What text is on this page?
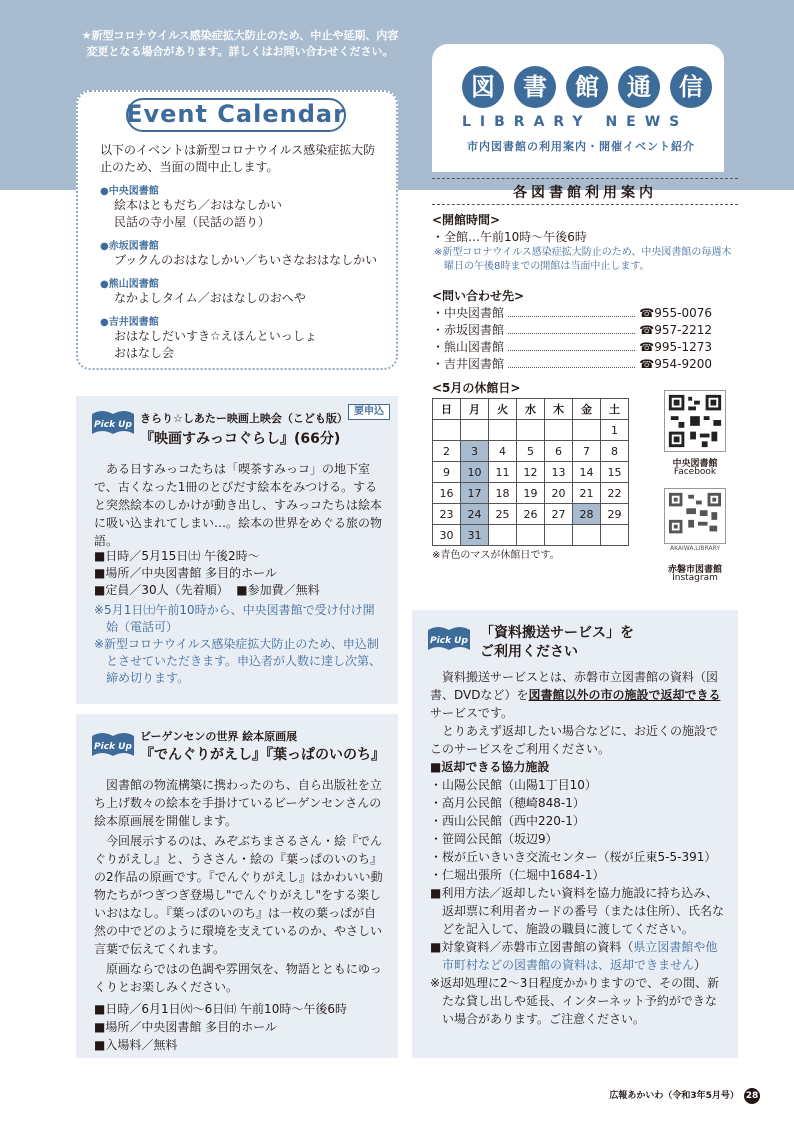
★新型コロナウイルス感染症拡大防止のため、中止や延期、内容変更となる場合があります。詳しくはお問い合わせください。
図	書	館	通	信
LIBRARY NEWS
市内図書館の利用案内・開催イベント紹介
Event Calendar
以下のイベントは新型コロナウイルス感染症拡大防止のため、当面の間中止します。
●中央図書館
絵本はともだち／おはなしかい
民話の寺小屋（民話の語り）
●赤坂図書館
ブックんのおはなしかい／ちいさなおはなしかい
●熊山図書館
なかよしタイム／おはなしのおへや
●吉井図書館
おはなしだいすき☆えほんといっしょ
おはなし会
Pick Up きらり☆しあたー映画上映会（こども版）
要申込
『映画すみっコぐらし』(66分)
ある日すみっコたちは「喫茶すみっコ」の地下室で、古くなった1冊のとびだす絵本をみつける。すると突然絵本のしかけが動き出し、すみっコたちは絵本に吸い込まれてしまい…。絵本の世界をめぐる旅の物語。
■日時／5月15日㈯ 午後2時～
■場所／中央図書館 多目的ホール
■定員／30人（先着順） ■参加費／無料
※5月1日㈯午前10時から、中央図書館で受け付け開始（電話可）
※新型コロナウイルス感染症拡大防止のため、申込制とさせていただきます。申込者が人数に達し次第、締め切ります。
Pick Up
ビーゲンセンの世界 絵本原画展
『でんぐりがえし』『葉っぱのいのち』
図書館の物流構築に携わったのち、自ら出版社を立ち上げ数々の絵本を手掛けているビーゲンセンさんの絵本原画展を開催します。
今回展示するのは、みぞぶちまさるさん・絵『でんぐりがえし』と、うささん・絵の『葉っぱのいのち』の2作品の原画です。『でんぐりがえし』はかわいい動物たちがつぎつぎ登場し"でんぐりがえし"をする楽しいおはなし。『葉っぱのいのち』は一枚の葉っぱが自然の中でどのように環境を支えているのか、やさしい言葉で伝えてくれます。
原画ならではの色調や雰囲気を、物語とともにゆっくりとお楽しみください。
■日時／6月1日㈫～6日㈰ 午前10時～午後6時
■場所／中央図書館 多目的ホール
■入場料／無料
各図書館利用案内
<開館時間>
・全館…午前10時～午後6時
※新型コロナウイルス感染症拡大防止のため、中央図書館の毎週木曜日の午後8時までの開館は当面中止します。
<問い合わせ先>
・中央図書館	☎955-0076
・赤坂図書館	☎957-2212
・熊山図書館	☎995-1273
・吉井図書館	☎954-9200
<5月の休館日>
日	月	火	水	木	金	土
						1
2	3	4	5	6	7	8
9	10	11	12	13	14	15
16	17	18	19	20	21	22
23	24	25	26	27	28	29
30	31					
※青色のマスが休館日です。
中央図書館
Facebook
AKAIWA.LIBRARY
赤磐市図書館
Instagram
Pick Up 「資料搬送サービス」を
ご利用ください
資料搬送サービスとは、赤磐市立図書館の資料（図書、DVDなど）を図書館以外の市の施設で返却できるサービスです。
とりあえず返却したい場合などに、お近くの施設でこのサービスをご利用ください。
■返却できる協力施設
・山陽公民館（山陽1丁目10）
・高月公民館（穂崎848-1）
・西山公民館（西中220-1）
・笹岡公民館（坂辺9）
・桜が丘いきいき交流センター（桜が丘東5-5-391）
・仁堀出張所（仁堀中1684-1）
■利用方法／返却したい資料を協力施設に持ち込み、返却票に利用者カードの番号（または住所）、氏名などを記入して、施設の職員に渡してください。
■対象資料／赤磐市立図書館の資料（県立図書館や他市町村などの図書館の資料は、返却できません）
※返却処理に2～3日程度かかりますので、その間、新たな貸し出しや延長、インターネット予約ができない場合があります。ご注意ください。
広報あかいわ（令和3年5月号） 28
